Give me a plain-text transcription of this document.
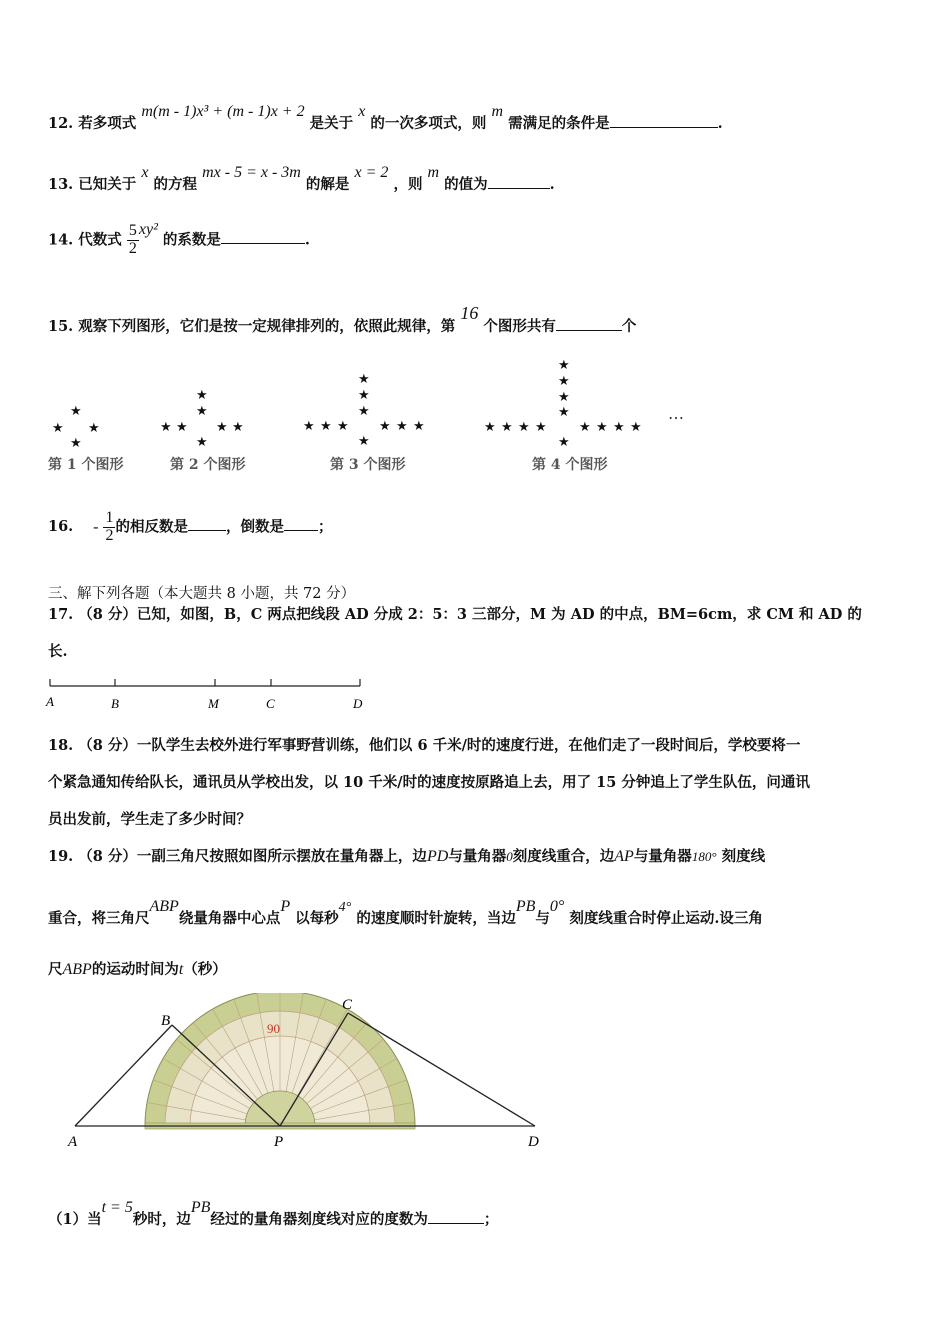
12. 若多项式 m(m - 1)x³ + (m - 1)x + 2 是关于 x 的一次多项式，则 m 需满足的条件是	.
13. 已知关于 x 的方程 mx - 5 = x - 3m 的解是 x = 2 ，则 m 的值为	.
14. 代数式 $\frac{5}{2} xy^2$ 的系数是	.
15. 观察下列图形，它们是按一定规律排列的，依照此规律，第 16 个图形共有	个
★
★ ★
★
★
★
★ ★ ★ ★
★
★
★
★
★ ★ ★ ★ ★ ★
★
★
★
★
★
★ ★ ★ ★ ★ ★ ★ ★
★
…
第 1 个图形	第 2 个图形	第 3 个图形	第 4 个图形
16. - $\frac{1}{2}$ 的相反数是	，倒数是 ；
三、解下列各题（本大题共 8 小题，共 72 分）
17. （8 分）已知，如图，B，C 两点把线段 AD 分成 2：5：3 三部分，M 为 AD 的中点，BM=6cm，求 CM 和 AD 的
长.
A	B	M	C	D
18. （8 分）一队学生去校外进行军事野营训练，他们以 6 千米/时的速度行进，在他们走了一段时间后，学校要将一
个紧急通知传给队长，通讯员从学校出发，以 10 千米/时的速度按原路追上去，用了 15 分钟追上了学生队伍，问通讯
员出发前，学生走了多少时间？
19. （8 分）一副三角尺按照如图所示摆放在量角器上，边PD与量角器0刻度线重合，边AP与量角器180° 刻度线
重合，将三角尺ABP绕量角器中心点P 以每秒4° 的速度顺时针旋转，当边PB与0° 刻度线重合时停止运动.设三角
尺ABP的运动时间为t（秒）
90
A
B
P
C
D
（1）当t = 5秒时，边PB经过的量角器刻度线对应的度数为	；
